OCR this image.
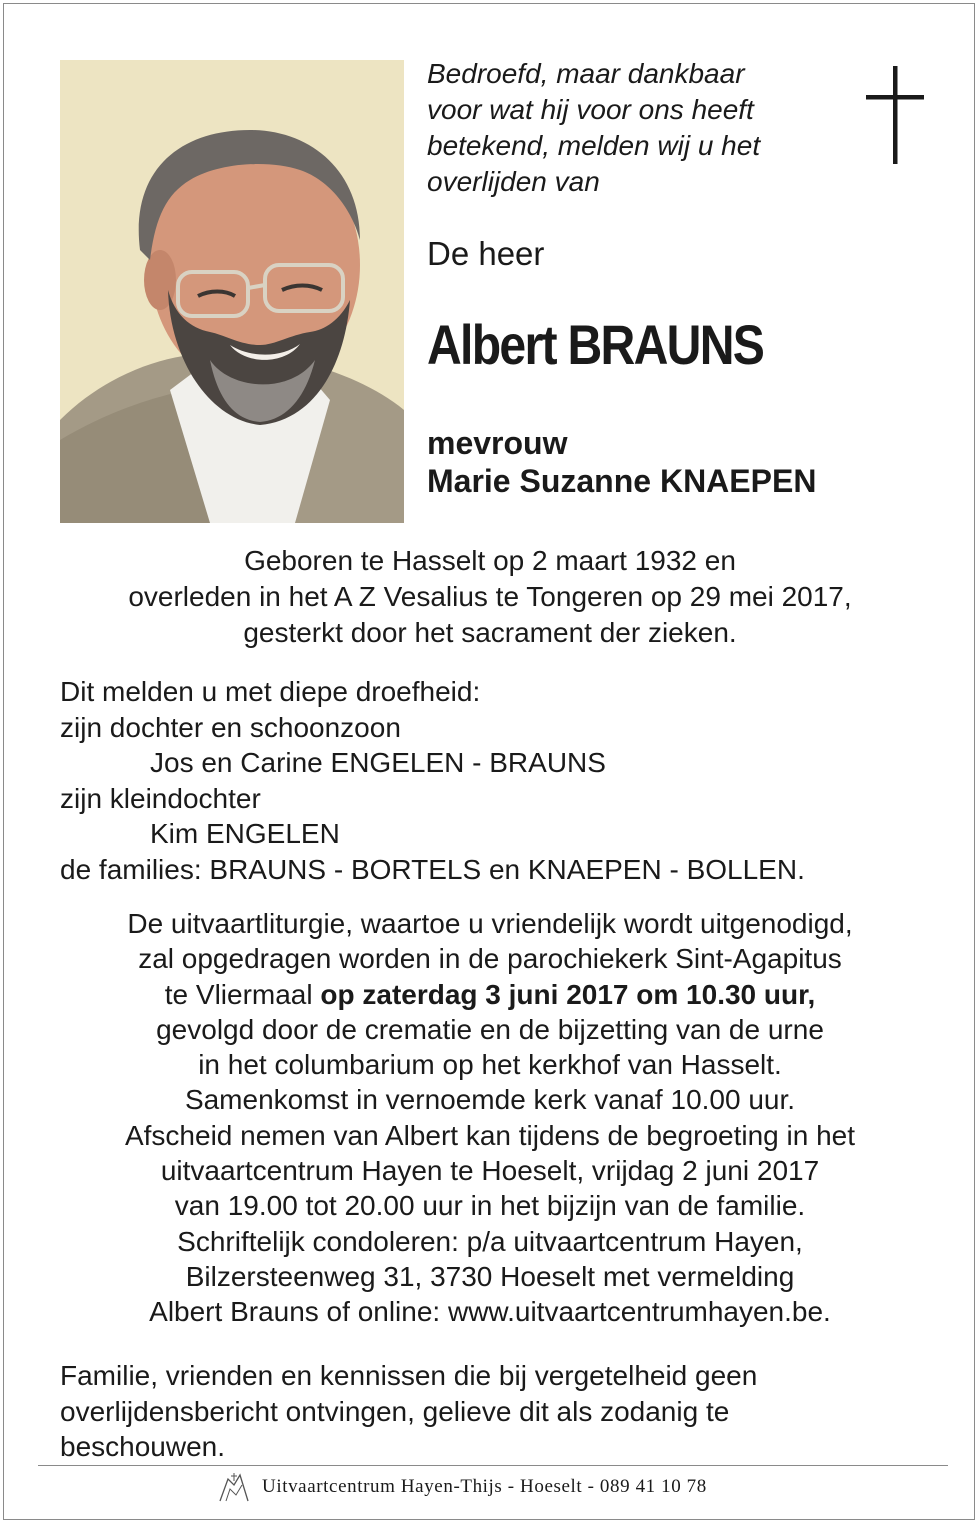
Bedroefd, maar dankbaar
voor wat hij voor ons heeft
betekend, melden wij u het
overlijden van
De heer
Albert BRAUNS
mevrouw
Marie Suzanne KNAEPEN
Geboren te Hasselt op 2 maart 1932 en
overleden in het A Z Vesalius te Tongeren op 29 mei 2017,
gesterkt door het sacrament der zieken.
Dit melden u met diepe droefheid:
zijn dochter en schoonzoon
Jos en Carine ENGELEN - BRAUNS
zijn kleindochter
Kim ENGELEN
de families: BRAUNS - BORTELS en KNAEPEN - BOLLEN.
De uitvaartliturgie, waartoe u vriendelijk wordt uitgenodigd,
zal opgedragen worden in de parochiekerk Sint-Agapitus
te Vliermaal op zaterdag 3 juni 2017 om 10.30 uur,
gevolgd door de crematie en de bijzetting van de urne
in het columbarium op het kerkhof van Hasselt.
Samenkomst in vernoemde kerk vanaf 10.00 uur.
Afscheid nemen van Albert kan tijdens de begroeting in het
uitvaartcentrum Hayen te Hoeselt, vrijdag 2 juni 2017
van 19.00 tot 20.00 uur in het bijzijn van de familie.
Schriftelijk condoleren: p/a uitvaartcentrum Hayen,
Bilzersteenweg 31, 3730 Hoeselt met vermelding
Albert Brauns of online: www.uitvaartcentrumhayen.be.
Familie, vrienden en kennissen die bij vergetelheid geen
overlijdensbericht ontvingen, gelieve dit als zodanig te
beschouwen.
Uitvaartcentrum Hayen-Thijs - Hoeselt - 089 41 10 78
